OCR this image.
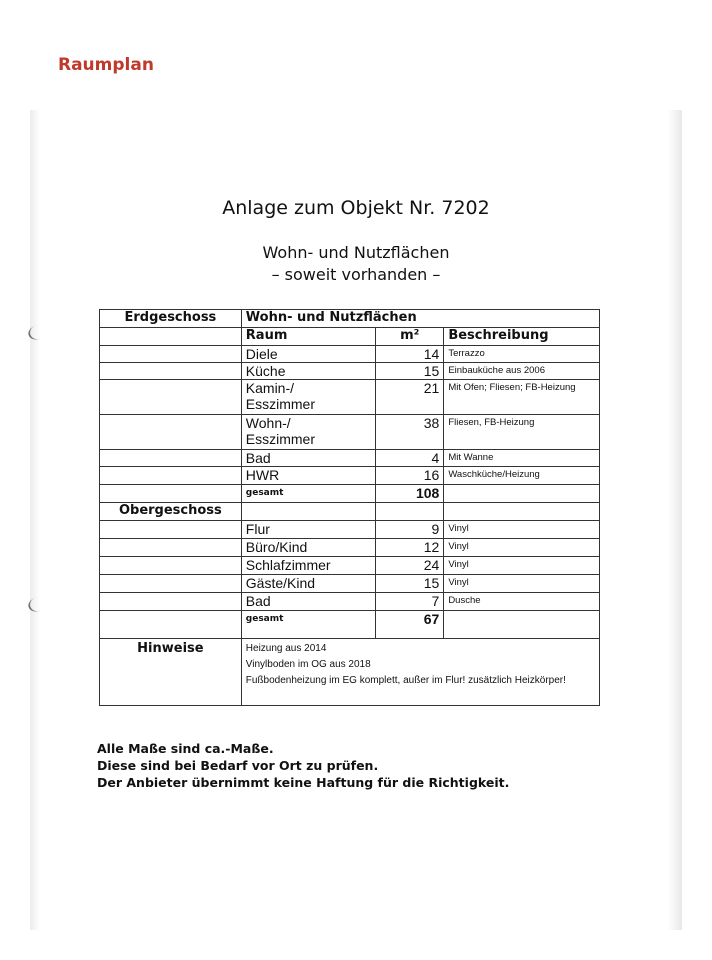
Raumplan
Anlage zum Objekt Nr. 7202
Wohn- und Nutzflächen
– soweit vorhanden –
Erdgeschoss	Wohn- und Nutzflächen		
	Raum	m²	Beschreibung
	Diele	14	Terrazzo
	Küche	15	Einbauküche aus 2006
	Kamin-/
Esszimmer	21	Mit Ofen; Fliesen; FB-Heizung
	Wohn-/
Esszimmer	38	Fliesen, FB-Heizung
	Bad	4	Mit Wanne
	HWR	16	Waschküche/Heizung
	gesamt	108	
Obergeschoss			
	Flur	9	Vinyl
	Büro/Kind	12	Vinyl
	Schlafzimmer	24	Vinyl
	Gäste/Kind	15	Vinyl
	Bad	7	Dusche
	gesamt	67	
Hinweise	Heizung aus 2014
Vinylboden im OG aus 2018
Fußbodenheizung im EG komplett, außer im Flur! zusätzlich Heizkörper!		
Alle Maße sind ca.-Maße.
Diese sind bei Bedarf vor Ort zu prüfen.
Der Anbieter übernimmt keine Haftung für die Richtigkeit.
